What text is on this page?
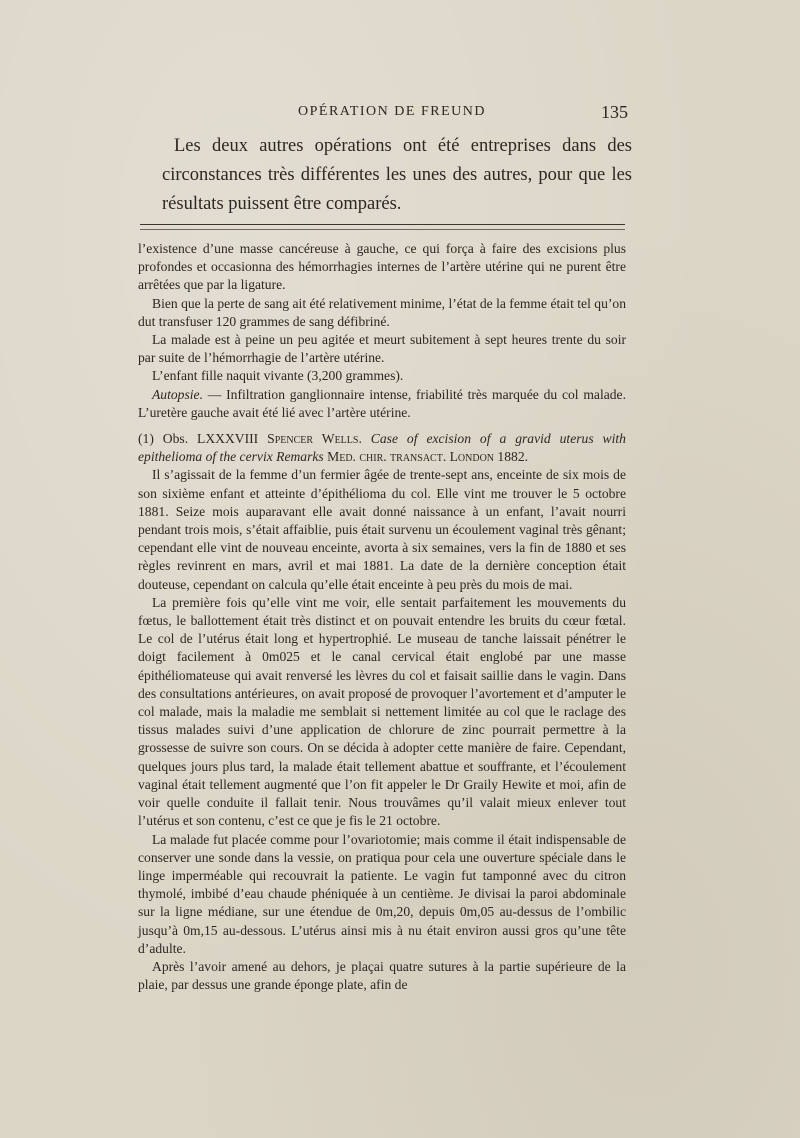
OPÉRATION DE FREUND	135

Les deux autres opérations ont été entreprises dans des circonstances très différentes les unes des autres, pour que les résultats puissent être comparés.

l’existence d’une masse cancéreuse à gauche, ce qui força à faire des excisions plus profondes et occasionna des hémorrhagies internes de l’artère utérine qui ne purent être arrêtées que par la ligature.

Bien que la perte de sang ait été relativement minime, l’état de la femme était tel qu’on dut transfuser 120 grammes de sang défibriné.

La malade est à peine un peu agitée et meurt subitement à sept heures trente du soir par suite de l’hémorrhagie de l’artère utérine.

L’enfant fille naquit vivante (3,200 grammes).

Autopsie. — Infiltration ganglionnaire intense, friabilité très marquée du col malade. L’uretère gauche avait été lié avec l’artère utérine.

(1) Obs. LXXXVIII Spencer Wells. Case of excision of a gravid uterus with epithelioma of the cervix Remarks Med. chir. transact. London 1882.

Il s’agissait de la femme d’un fermier âgée de trente-sept ans, enceinte de six mois de son sixième enfant et atteinte d’épithélioma du col. Elle vint me trouver le 5 octobre 1881. Seize mois auparavant elle avait donné naissance à un enfant, l’avait nourri pendant trois mois, s’était affaiblie, puis était survenu un écoulement vaginal très gênant; cependant elle vint de nouveau enceinte, avorta à six semaines, vers la fin de 1880 et ses règles revinrent en mars, avril et mai 1881. La date de la dernière conception était douteuse, cependant on calcula qu’elle était enceinte à peu près du mois de mai.

La première fois qu’elle vint me voir, elle sentait parfaitement les mouvements du fœtus, le ballottement était très distinct et on pouvait entendre les bruits du cœur fœtal. Le col de l’utérus était long et hypertrophié. Le museau de tanche laissait pénétrer le doigt facilement à 0m025 et le canal cervical était englobé par une masse épithéliomateuse qui avait renversé les lèvres du col et faisait saillie dans le vagin. Dans des consultations antérieures, on avait proposé de provoquer l’avortement et d’amputer le col malade, mais la maladie me semblait si nettement limitée au col que le raclage des tissus malades suivi d’une application de chlorure de zinc pourrait permettre à la grossesse de suivre son cours. On se décida à adopter cette manière de faire. Cependant, quelques jours plus tard, la malade était tellement abattue et souffrante, et l’écoulement vaginal était tellement augmenté que l’on fit appeler le Dr Graily Hewite et moi, afin de voir quelle conduite il fallait tenir. Nous trouvâmes qu’il valait mieux enlever tout l’utérus et son contenu, c’est ce que je fis le 21 octobre.

La malade fut placée comme pour l’ovariotomie; mais comme il était indispensable de conserver une sonde dans la vessie, on pratiqua pour cela une ouverture spéciale dans le linge imperméable qui recouvrait la patiente. Le vagin fut tamponné avec du citron thymolé, imbibé d’eau chaude phéniquée à un centième. Je divisai la paroi abdominale sur la ligne médiane, sur une étendue de 0m,20, depuis 0m,05 au-dessus de l’ombilic jusqu’à 0m,15 au-dessous. L’utérus ainsi mis à nu était environ aussi gros qu’une tête d’adulte.

Après l’avoir amené au dehors, je plaçai quatre sutures à la partie supérieure de la plaie, par dessus une grande éponge plate, afin de
